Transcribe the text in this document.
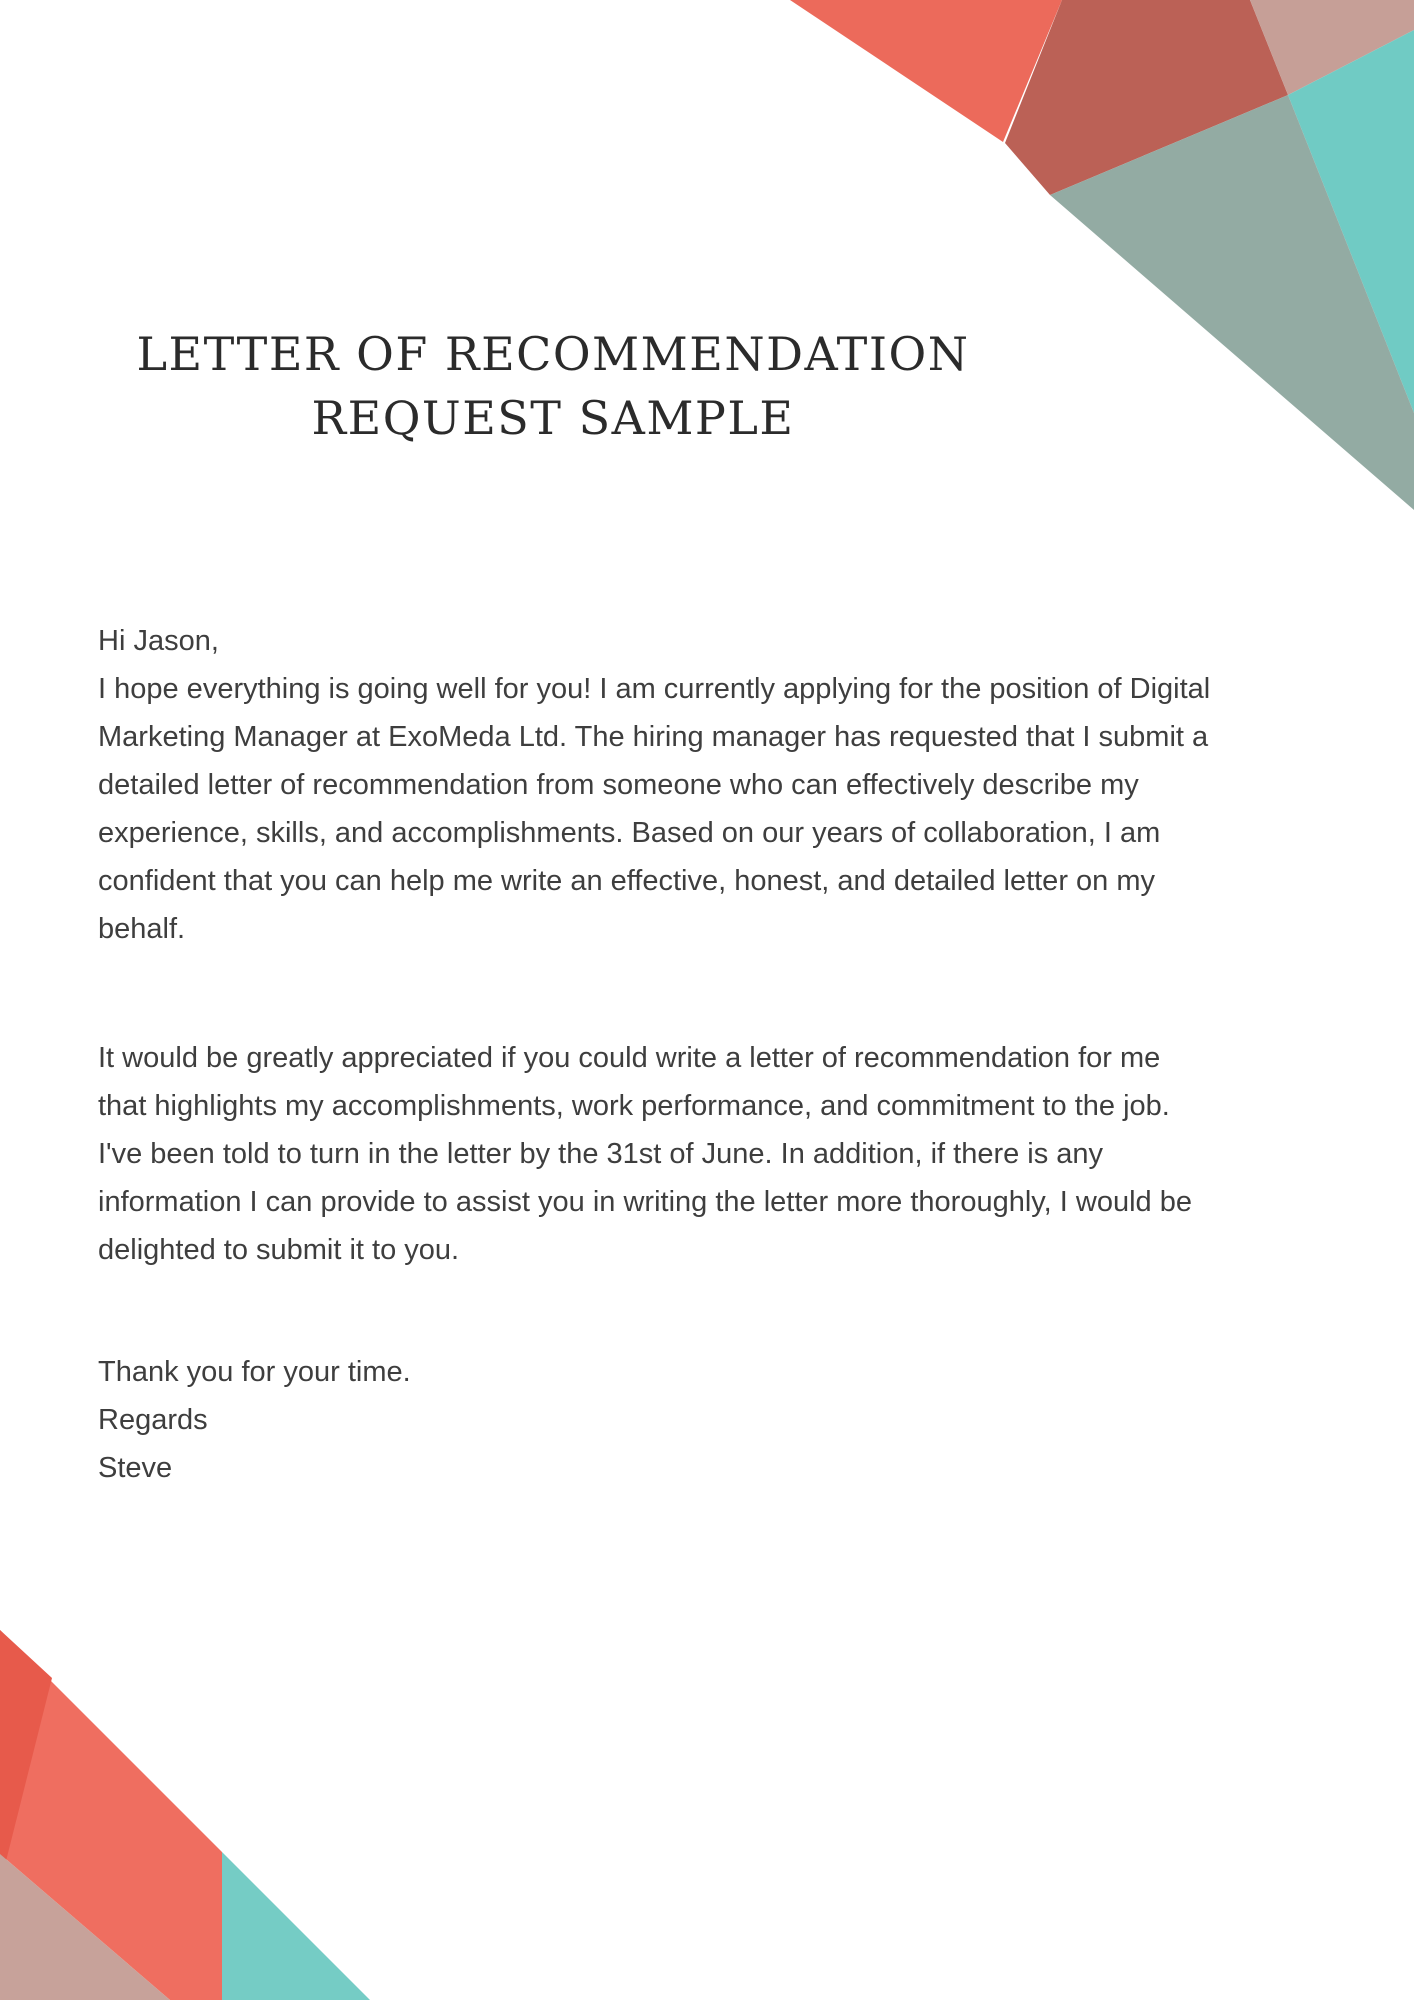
LETTER OF RECOMMENDATION
REQUEST SAMPLE
Hi Jason,
I hope everything is going well for you! I am currently applying for the position of Digital
Marketing Manager at ExoMeda Ltd. The hiring manager has requested that I submit a
detailed letter of recommendation from someone who can effectively describe my
experience, skills, and accomplishments. Based on our years of collaboration, I am
confident that you can help me write an effective, honest, and detailed letter on my
behalf.
It would be greatly appreciated if you could write a letter of recommendation for me
that highlights my accomplishments, work performance, and commitment to the job.
I've been told to turn in the letter by the 31st of June. In addition, if there is any
information I can provide to assist you in writing the letter more thoroughly, I would be
delighted to submit it to you.
Thank you for your time.
Regards
Steve
